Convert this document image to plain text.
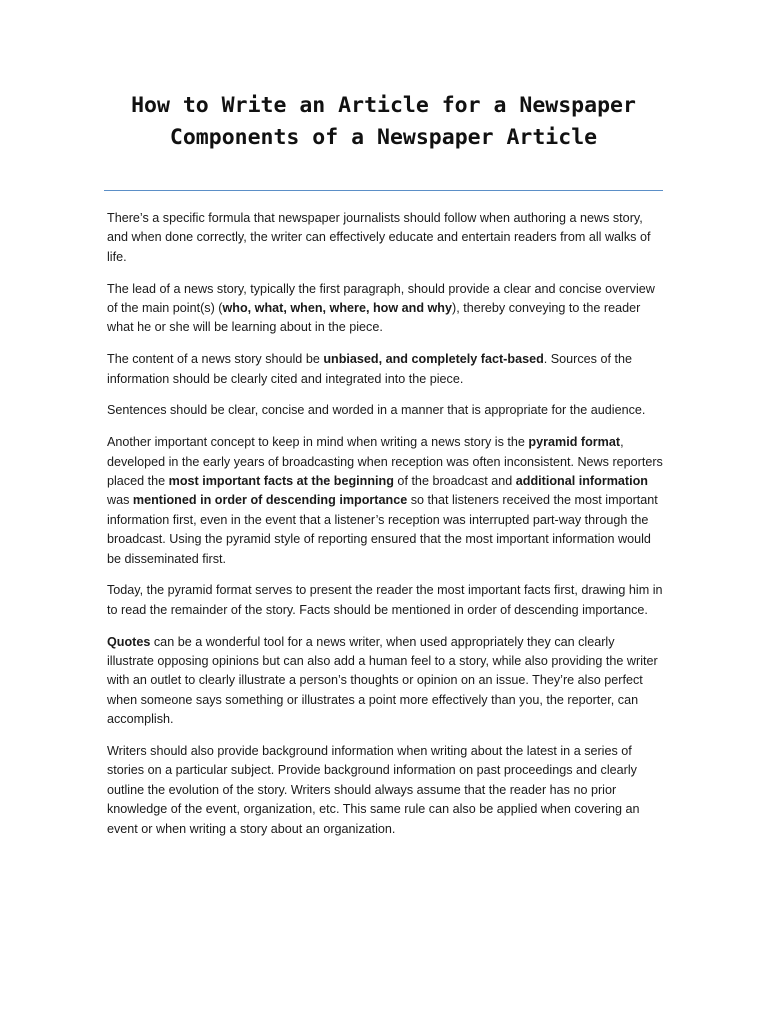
How to Write an Article for a Newspaper
Components of a Newspaper Article

There’s a specific formula that newspaper journalists should follow when authoring a news story, and when done correctly, the writer can effectively educate and entertain readers from all walks of life.

The lead of a news story, typically the first paragraph, should provide a clear and concise overview of the main point(s) (who, what, when, where, how and why), thereby conveying to the reader what he or she will be learning about in the piece.

The content of a news story should be unbiased, and completely fact-based. Sources of the information should be clearly cited and integrated into the piece.

Sentences should be clear, concise and worded in a manner that is appropriate for the audience.

Another important concept to keep in mind when writing a news story is the pyramid format, developed in the early years of broadcasting when reception was often inconsistent. News reporters placed the most important facts at the beginning of the broadcast and additional information was mentioned in order of descending importance so that listeners received the most important information first, even in the event that a listener’s reception was interrupted part-way through the broadcast. Using the pyramid style of reporting ensured that the most important information would be disseminated first.

Today, the pyramid format serves to present the reader the most important facts first, drawing him in to read the remainder of the story. Facts should be mentioned in order of descending importance.

Quotes can be a wonderful tool for a news writer, when used appropriately they can clearly illustrate opposing opinions but can also add a human feel to a story, while also providing the writer with an outlet to clearly illustrate a person’s thoughts or opinion on an issue. They’re also perfect when someone says something or illustrates a point more effectively than you, the reporter, can accomplish.

Writers should also provide background information when writing about the latest in a series of stories on a particular subject. Provide background information on past proceedings and clearly outline the evolution of the story. Writers should always assume that the reader has no prior knowledge of the event, organization, etc. This same rule can also be applied when covering an event or when writing a story about an organization.
